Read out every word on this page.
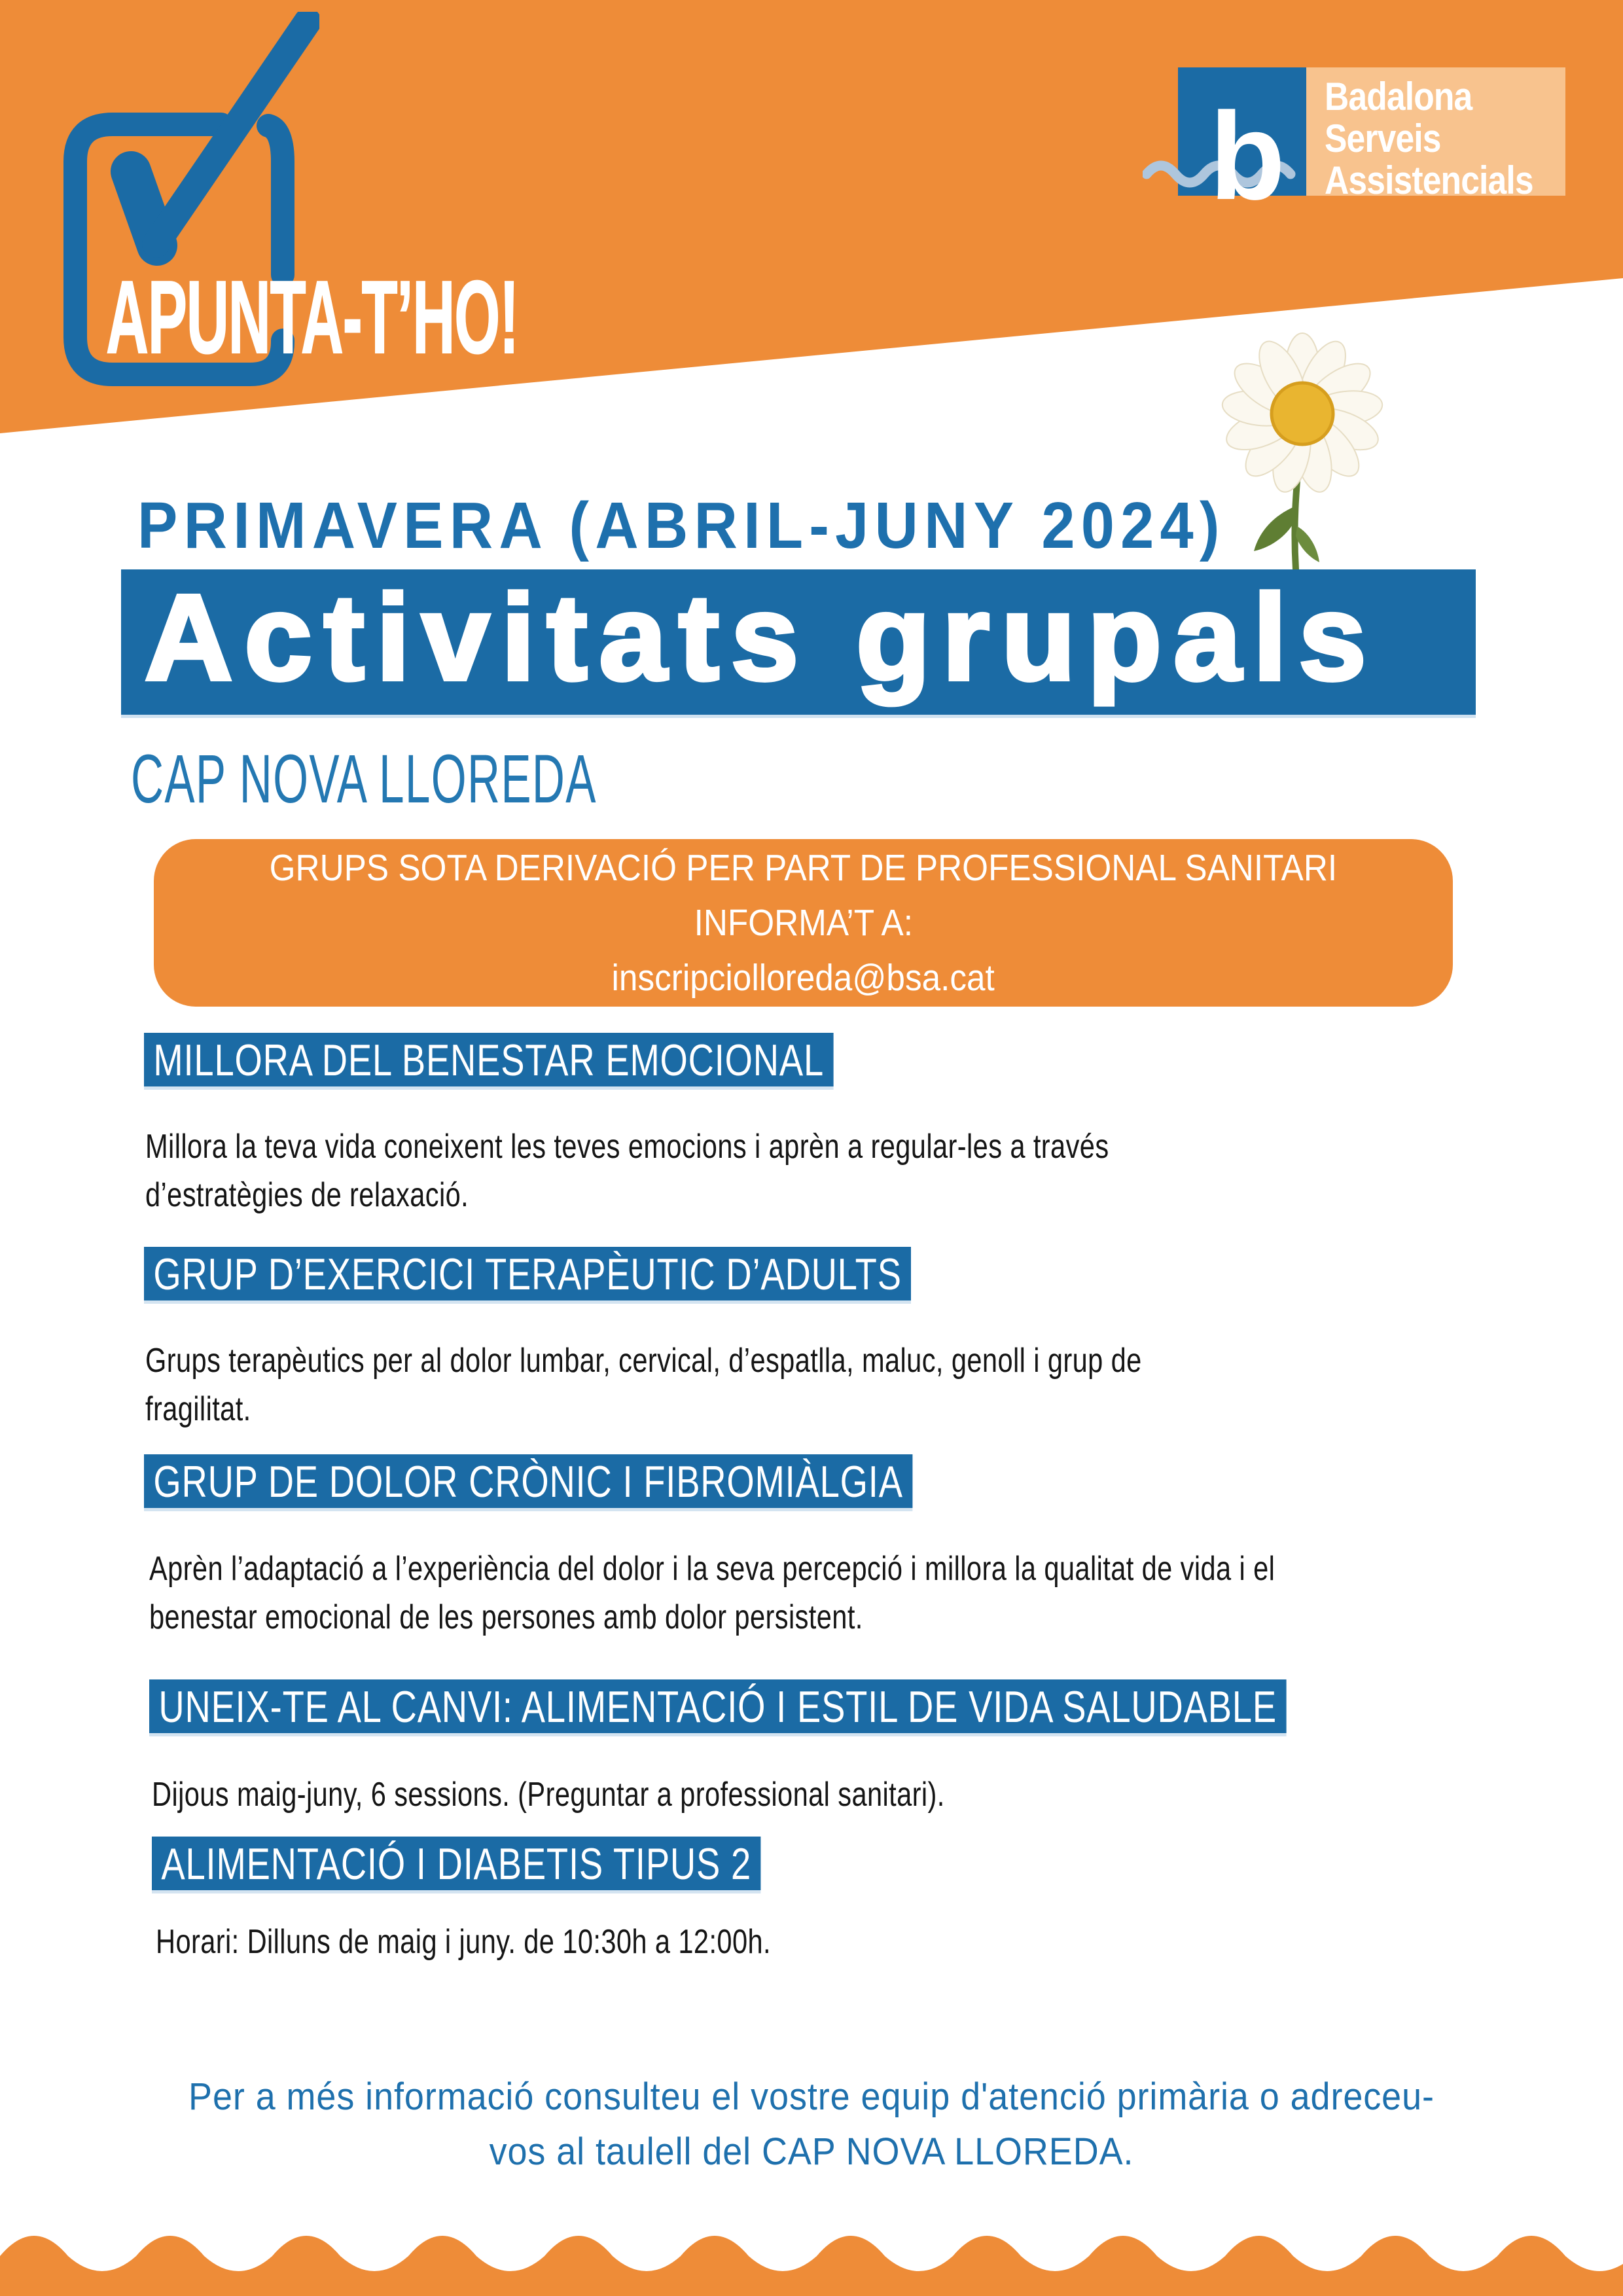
APUNTA-T’HO!
b Badalona
Serveis
Assistencials
PRIMAVERA (ABRIL-JUNY 2024)
Activitats grupals
CAP NOVA LLOREDA
GRUPS SOTA DERIVACIÓ PER PART DE PROFESSIONAL SANITARI
INFORMA’T A:
inscripciolloreda@bsa.cat
MILLORA DEL BENESTAR EMOCIONAL
Millora la teva vida coneixent les teves emocions i aprèn a regular-les a través
d’estratègies de relaxació.
GRUP D’EXERCICI TERAPÈUTIC D’ADULTS
Grups terapèutics per al dolor lumbar, cervical, d’espatlla, maluc, genoll i grup de
fragilitat.
GRUP DE DOLOR CRÒNIC I FIBROMIÀLGIA
Aprèn l’adaptació a l’experiència del dolor i la seva percepció i millora la qualitat de vida i el
benestar emocional de les persones amb dolor persistent.
UNEIX-TE AL CANVI: ALIMENTACIÓ I ESTIL DE VIDA SALUDABLE
Dijous maig-juny, 6 sessions. (Preguntar a professional sanitari).
ALIMENTACIÓ I DIABETIS TIPUS 2
Horari: Dilluns de maig i juny. de 10:30h a 12:00h.
Per a més informació consulteu el vostre equip d'atenció primària o adreceu-
vos al taulell del CAP NOVA LLOREDA.
